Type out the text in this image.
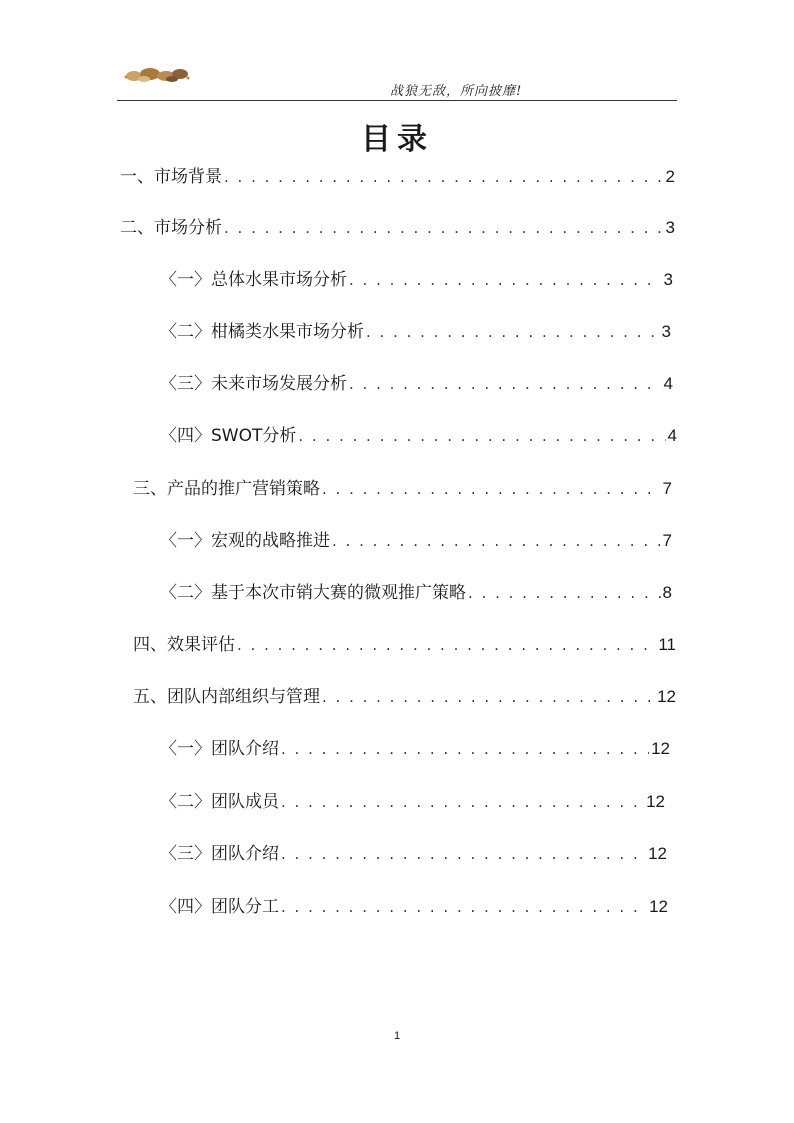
战狼无敌，所向披靡!
目录
一、市场背景 . . .	2
二、市场分析 . . .	3
〈一〉总体水果市场分析 . . .	3
〈二〉柑橘类水果市场分析 . . .	3
〈三〉未来市场发展分析 . . .	4
〈四〉SWOT分析 . . .	4
三、产品的推广营销策略 . . .	7
〈一〉宏观的战略推进 . . .	7
〈二〉基于本次市销大赛的微观推广策略 . . .	8
四、效果评估 . . .	11
五、团队内部组织与管理 . . .	12
〈一〉团队介绍 . . .	12
〈二〉团队成员 . . .	12
〈三〉团队介绍 . . .	12
〈四〉团队分工 . . .	12
1
